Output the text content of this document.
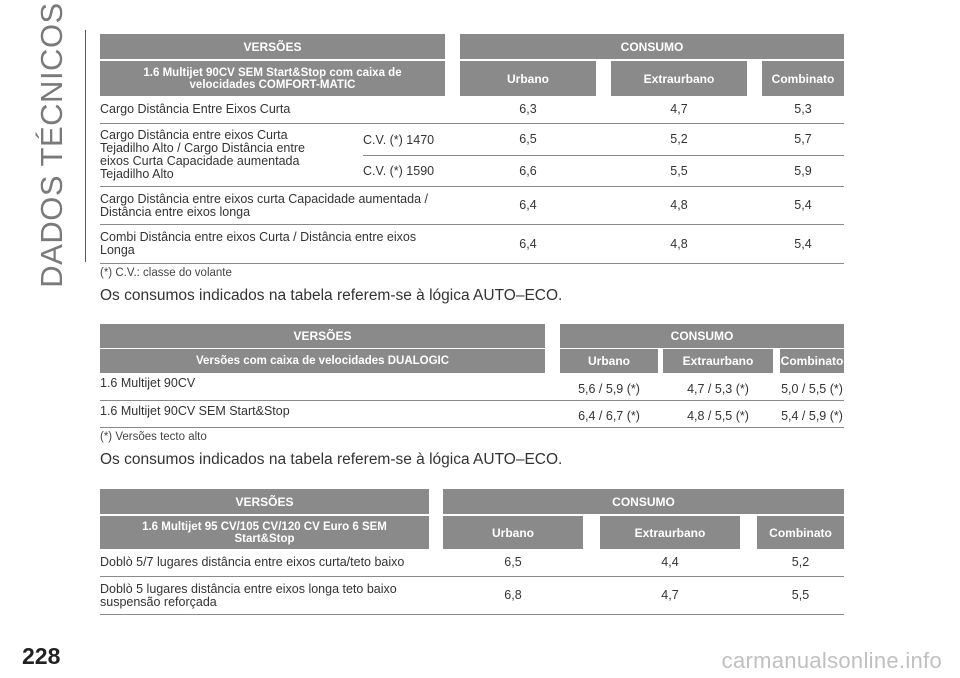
DADOS TÉCNICOS
228	carmanualsonline.info
VERSÕES	CONSUMO
1.6 Multijet 90CV SEM Start&Stop com caixa de velocidades COMFORT-MATIC	Urbano	Extraurbano	Combinato
Cargo Distância Entre Eixos Curta	6,3	4,7	5,3
Cargo Distância entre eixos Curta Tejadilho Alto / Cargo Distância entre eixos Curta Capacidade aumentada Tejadilho Alto
C.V. (*) 1470	6,5	5,2	5,7
C.V. (*) 1590	6,6	5,5	5,9
Cargo Distância entre eixos curta Capacidade aumentada / Distância entre eixos longa	6,4	4,8	5,4
Combi Distância entre eixos Curta / Distância entre eixos Longa	6,4	4,8	5,4
(*) C.V.: classe do volante
Os consumos indicados na tabela referem-se à lógica AUTO–ECO.
VERSÕES	CONSUMO
Versões com caixa de velocidades DUALOGIC	Urbano	Extraurbano	Combinato
1.6 Multijet 90CV	5,6 / 5,9 (*)	4,7 / 5,3 (*)	5,0 / 5,5 (*)
1.6 Multijet 90CV SEM Start&Stop	6,4 / 6,7 (*)	4,8 / 5,5 (*)	5,4 / 5,9 (*)
(*) Versões tecto alto
Os consumos indicados na tabela referem-se à lógica AUTO–ECO.
VERSÕES	CONSUMO
1.6 Multijet 95 CV/105 CV/120 CV Euro 6 SEM Start&Stop	Urbano	Extraurbano	Combinato
Doblò 5/7 lugares distância entre eixos curta/teto baixo	6,5	4,4	5,2
Doblò 5 lugares distância entre eixos longa teto baixo suspensão reforçada	6,8	4,7	5,5
